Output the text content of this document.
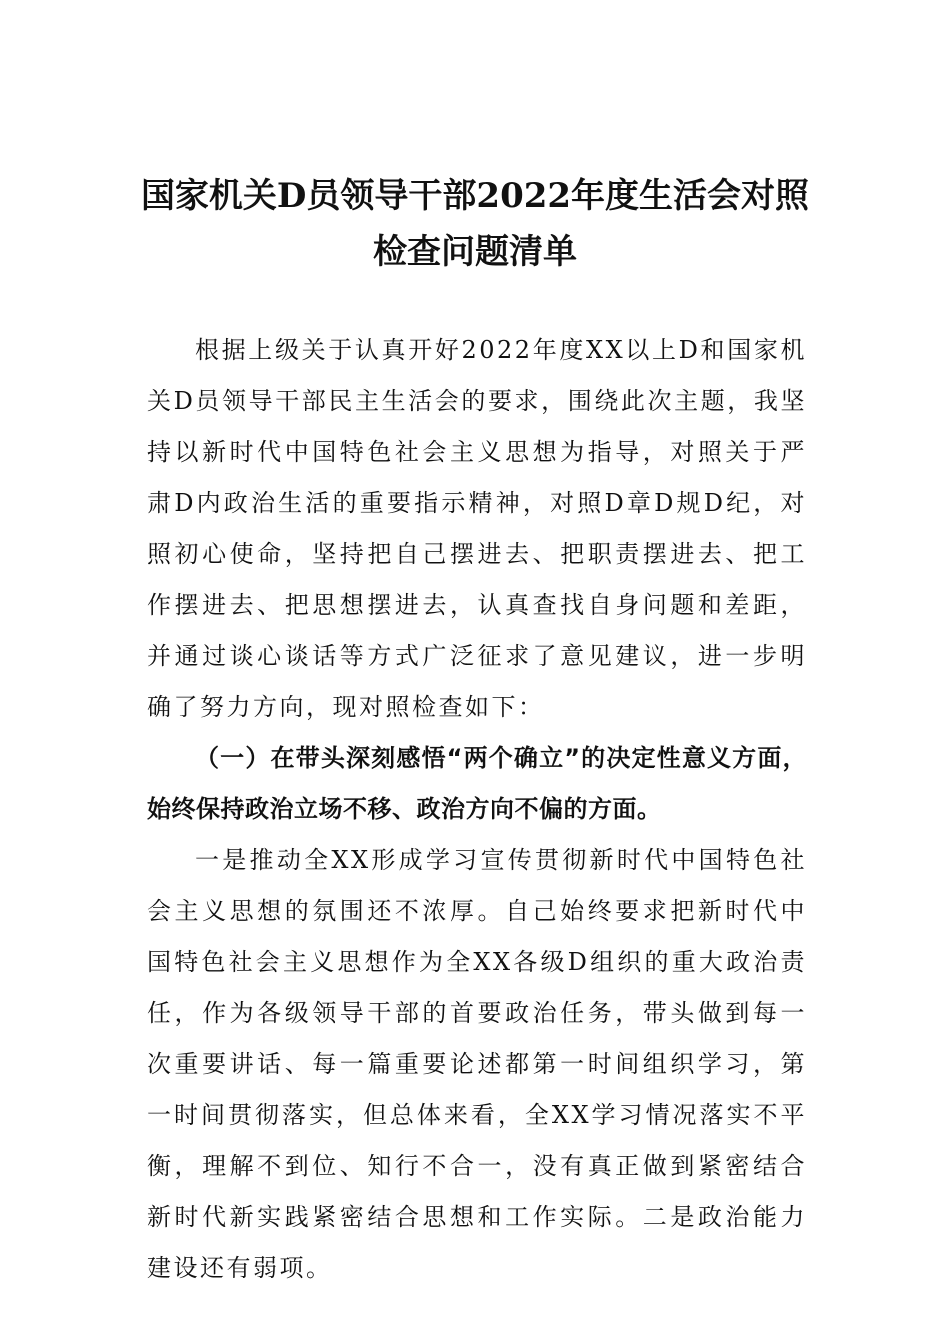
国家机关D员领导干部2022年度生活会对照检查问题清单

根据上级关于认真开好2022年度XX以上D和国家机关D员领导干部民主生活会的要求，围绕此次主题，我坚持以新时代中国特色社会主义思想为指导，对照关于严肃D内政治生活的重要指示精神，对照D章D规D纪，对照初心使命，坚持把自己摆进去、把职责摆进去、把工作摆进去、把思想摆进去，认真查找自身问题和差距，并通过谈心谈话等方式广泛征求了意见建议，进一步明确了努力方向，现对照检查如下：

（一）在带头深刻感悟“两个确立”的决定性意义方面，始终保持政治立场不移、政治方向不偏的方面。

一是推动全XX形成学习宣传贯彻新时代中国特色社会主义思想的氛围还不浓厚。自己始终要求把新时代中国特色社会主义思想作为全XX各级D组织的重大政治责任，作为各级领导干部的首要政治任务，带头做到每一次重要讲话、每一篇重要论述都第一时间组织学习，第一时间贯彻落实，但总体来看，全XX学习情况落实不平衡，理解不到位、知行不合一，没有真正做到紧密结合新时代新实践紧密结合思想和工作实际。二是政治能力建设还有弱项。
